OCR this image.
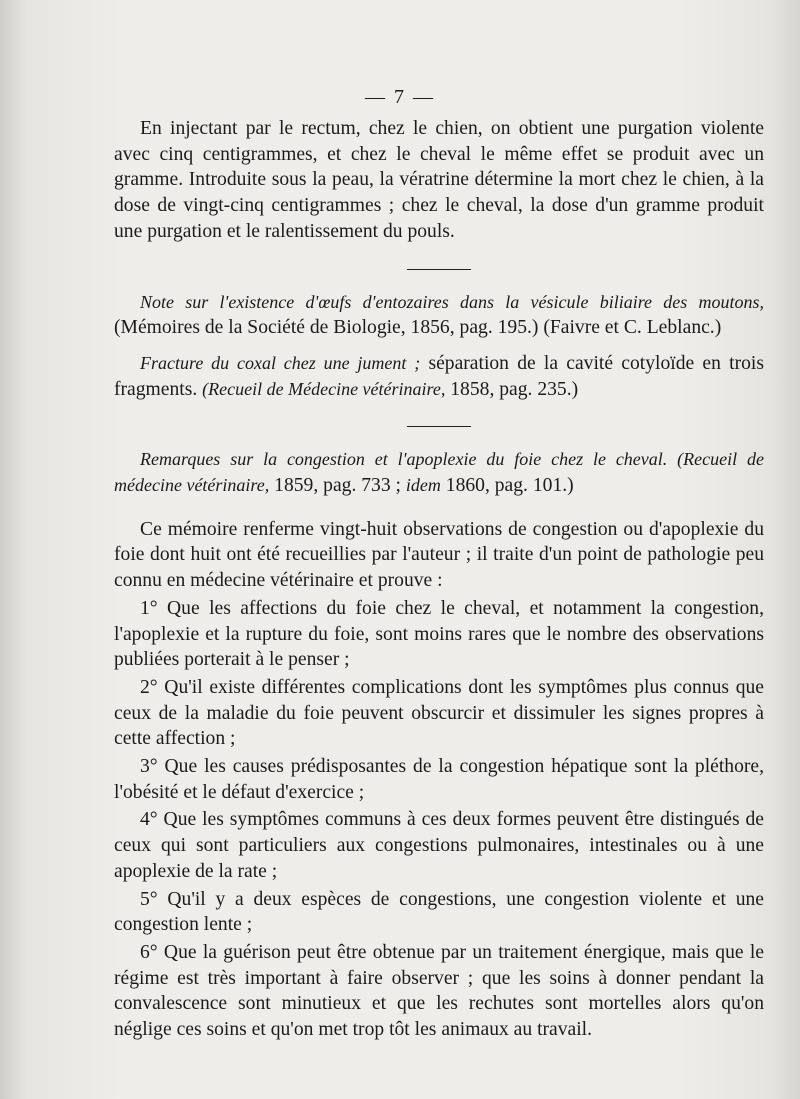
— 7 —

En injectant par le rectum, chez le chien, on obtient une purgation violente avec cinq centigrammes, et chez le cheval le même effet se produit avec un gramme. Introduite sous la peau, la vératrine détermine la mort chez le chien, à la dose de vingt-cinq centigrammes ; chez le cheval, la dose d'un gramme produit une purgation et le ralentissement du pouls.

Note sur l'existence d'œufs d'entozaires dans la vésicule biliaire des moutons, (Mémoires de la Société de Biologie, 1856, pag. 195.) (Faivre et C. Leblanc.)

Fracture du coxal chez une jument ; séparation de la cavité cotyloïde en trois fragments. (Recueil de Médecine vétérinaire, 1858, pag. 235.)

Remarques sur la congestion et l'apoplexie du foie chez le cheval. (Recueil de médecine vétérinaire, 1859, pag. 733 ; idem 1860, pag. 101.)

Ce mémoire renferme vingt-huit observations de congestion ou d'apoplexie du foie dont huit ont été recueillies par l'auteur ; il traite d'un point de pathologie peu connu en médecine vétérinaire et prouve :

1° Que les affections du foie chez le cheval, et notamment la congestion, l'apoplexie et la rupture du foie, sont moins rares que le nombre des observations publiées porterait à le penser ;

2° Qu'il existe différentes complications dont les symptômes plus connus que ceux de la maladie du foie peuvent obscurcir et dissimuler les signes propres à cette affection ;

3° Que les causes prédisposantes de la congestion hépatique sont la pléthore, l'obésité et le défaut d'exercice ;

4° Que les symptômes communs à ces deux formes peuvent être distingués de ceux qui sont particuliers aux congestions pulmonaires, intestinales ou à une apoplexie de la rate ;

5° Qu'il y a deux espèces de congestions, une congestion violente et une congestion lente ;

6° Que la guérison peut être obtenue par un traitement énergique, mais que le régime est très important à faire observer ; que les soins à donner pendant la convalescence sont minutieux et que les rechutes sont mortelles alors qu'on néglige ces soins et qu'on met trop tôt les animaux au travail.
